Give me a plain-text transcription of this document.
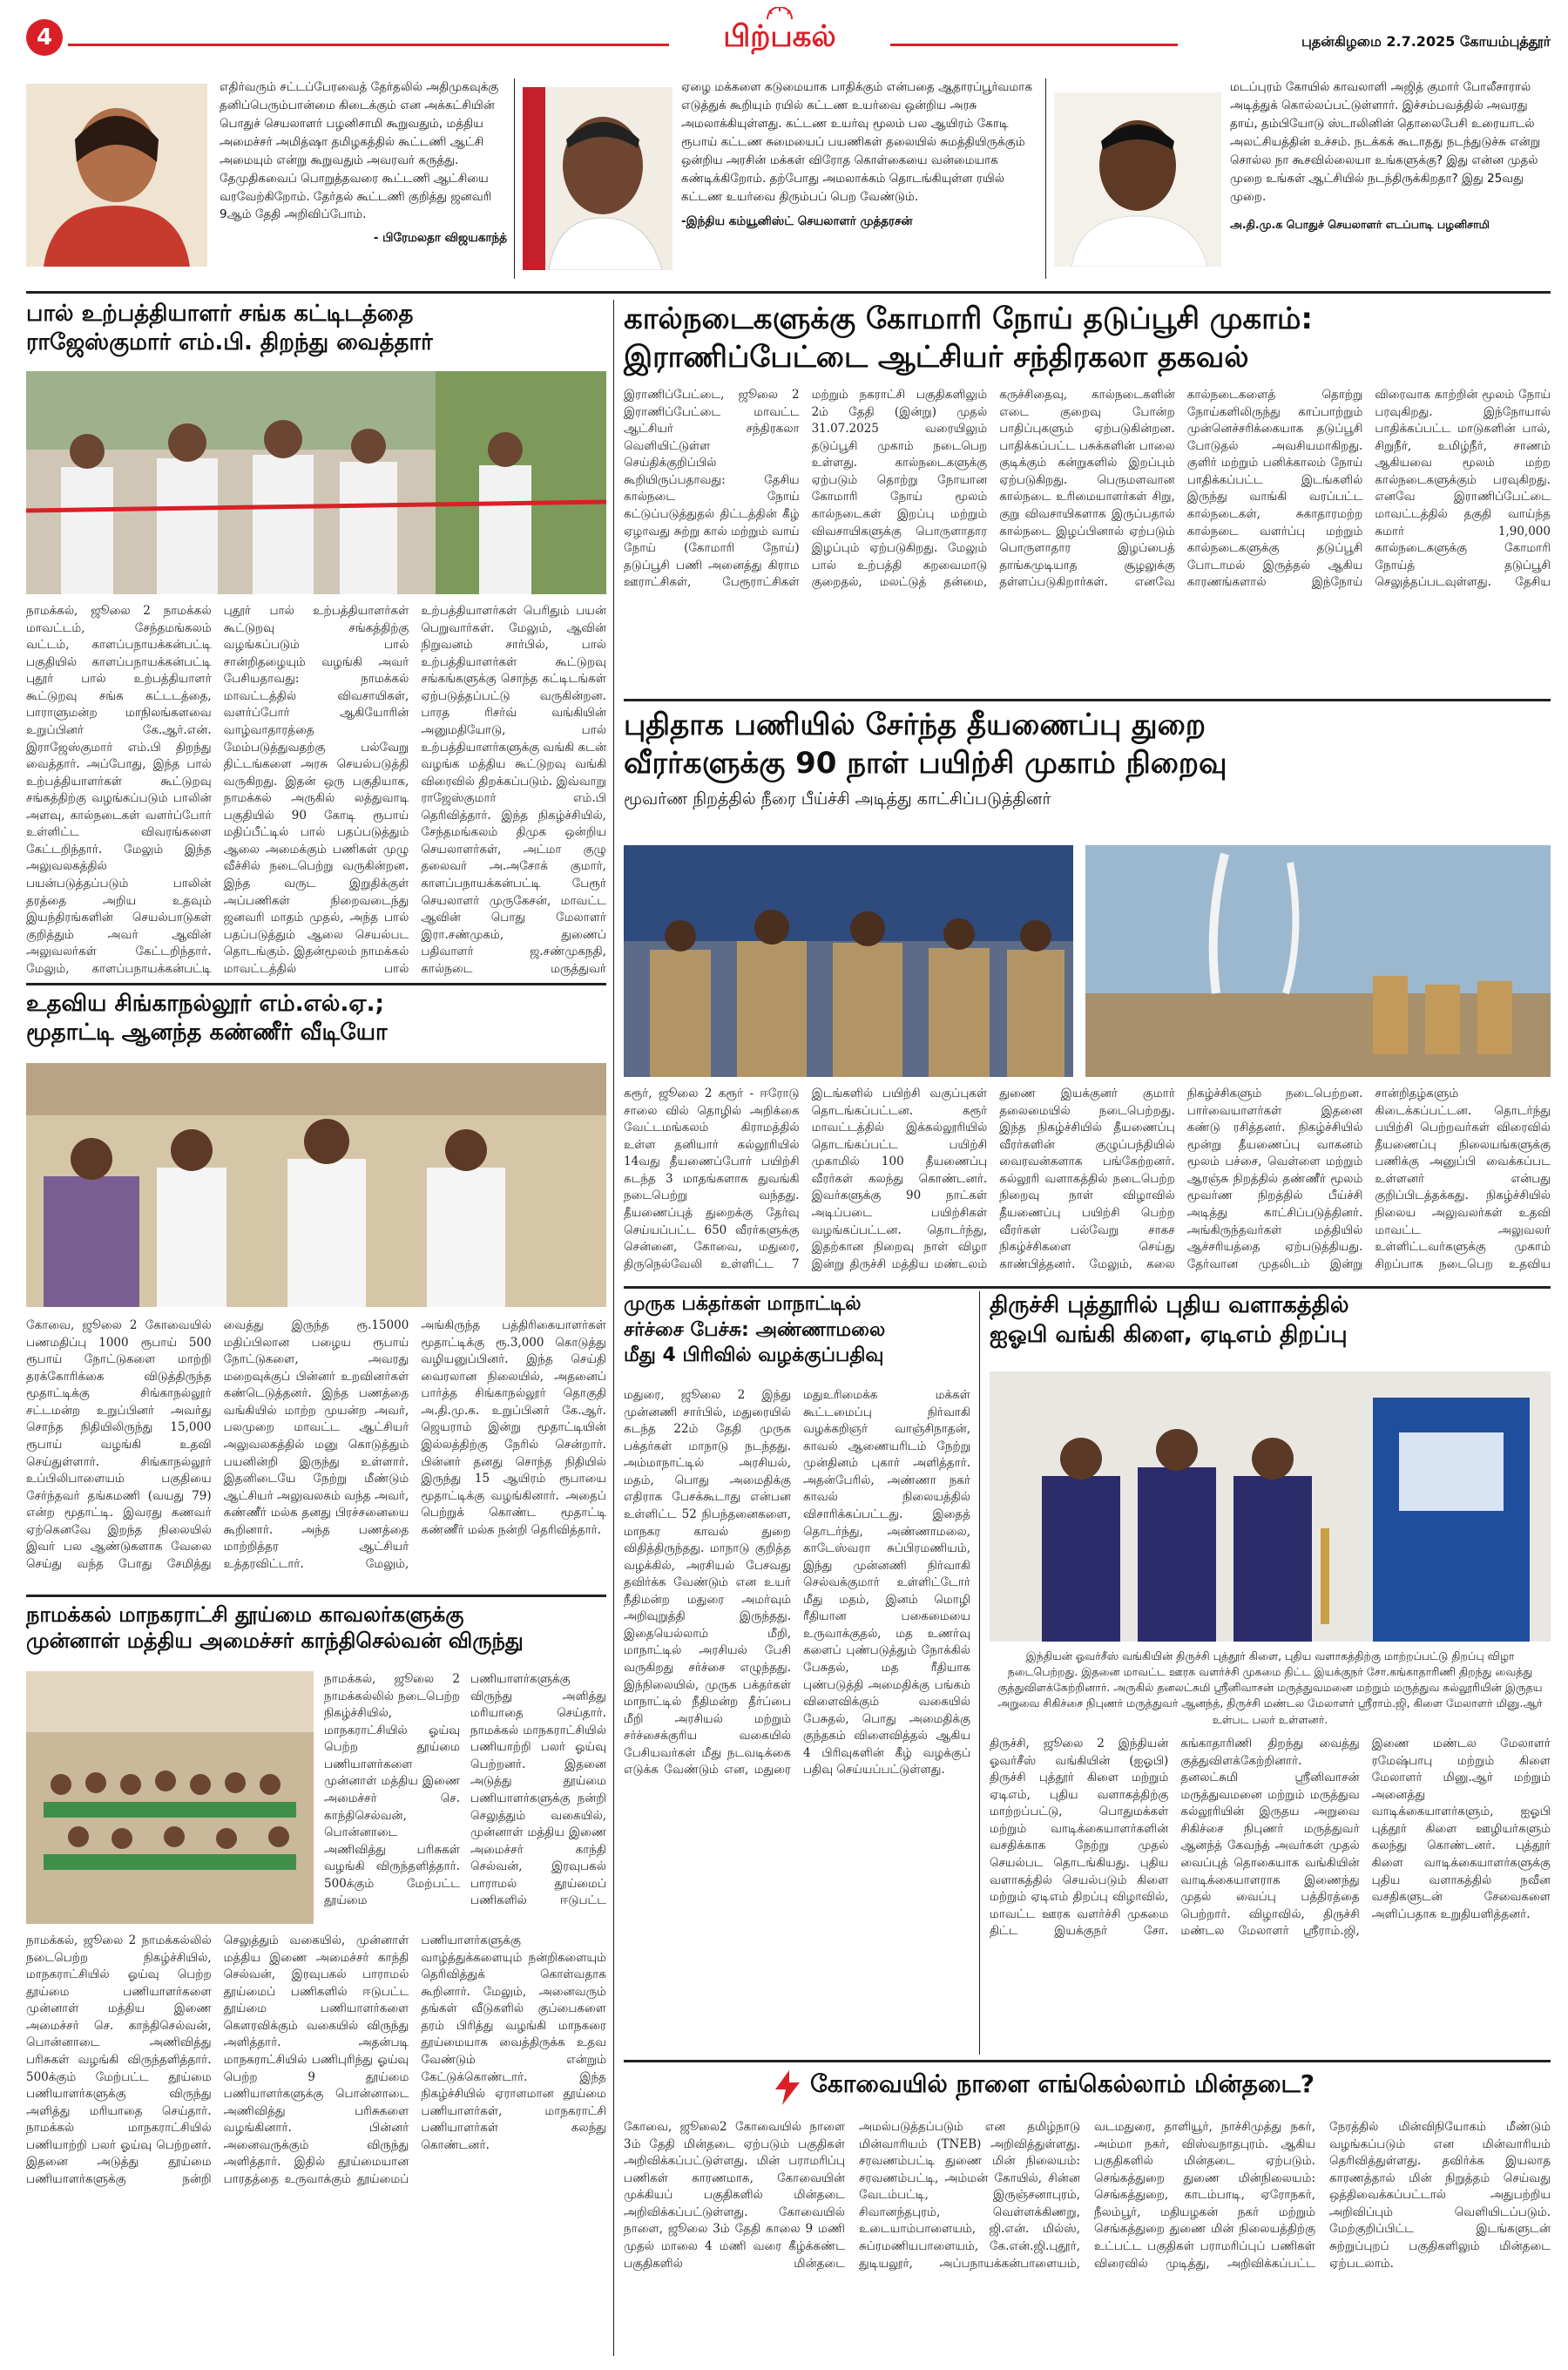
4	பிற்பகல்	புதன்கிழமை 2.7.2025 கோயம்புத்தூர்

எதிர்வரும் சட்டப்பேரவைத் தேர்தலில் அதிமுகவுக்கு தனிப்பெரும்பான்மை கிடைக்கும் என அக்கட்சியின் பொதுச் செயலாளர் பழனிசாமி கூறுவதும், மத்திய அமைச்சர் அமித்ஷா தமிழகத்தில் கூட்டணி ஆட்சி அமையும் என்று கூறுவதும் அவரவர் கருத்து. தேமுதிகவைப் பொறுத்தவரை கூட்டணி ஆட்சியை வரவேற்கிறோம். தேர்தல் கூட்டணி குறித்து ஜனவரி 9ஆம் தேதி அறிவிப்போம்.

- பிரேமலதா விஜயகாந்த்

ஏழை மக்களை கடுமையாக பாதிக்கும் என்பதை ஆதாரப்பூர்வமாக எடுத்துக் கூறியும் ரயில் கட்டண உயர்வை ஒன்றிய அரசு அமலாக்கியுள்ளது. கட்டண உயர்வு மூலம் பல ஆயிரம் கோடி ரூபாய் கட்டண சுமையைப் பயணிகள் தலையில் சுமத்தியிருக்கும் ஒன்றிய அரசின் மக்கள் விரோத கொள்கையை வன்மையாக கண்டிக்கிறோம். தற்போது அமலாக்கம் தொடங்கியுள்ள ரயில் கட்டண உயர்வை திரும்பப் பெற வேண்டும்.

-இந்திய கம்யூனிஸ்ட் செயலாளர் முத்தரசன்

மடப்புரம் கோயில் காவலாளி அஜித் குமார் போலீசாரால் அடித்துக் கொல்லப்பட்டுள்ளார். இச்சம்பவத்தில் அவரது தாய், தம்பியோடு ஸ்டாலினின் தொலைபேசி உரையாடல் அலட்சியத்தின் உச்சம். நடக்கக் கூடாதது நடந்துடுச்சு என்று சொல்ல நா கூசவில்லையா உங்களுக்கு? இது என்ன முதல் முறை உங்கள் ஆட்சியில் நடந்திருக்கிறதா? இது 25வது முறை.

அ.தி.மு.க பொதுச் செயலாளர் எடப்பாடி பழனிசாமி

பால் உற்பத்தியாளர் சங்க கட்டிடத்தை
ராஜேஸ்குமார் எம்.பி. திறந்து வைத்தார்

நாமக்கல், ஜூலை 2 நாமக்கல் மாவட்டம், சேந்தமங்கலம் வட்டம், காளப்பநாயக்கன்பட்டி பகுதியில் காளப்பநாயக்கன்பட்டி புதூர் பால் உற்பத்தியாளர் கூட்டுறவு சங்க கட்டடத்தை, பாராளுமன்ற மாநிலங்களவை உறுப்பினர் கே.ஆர்.என். இராஜேஸ்குமார் எம்.பி திறந்து வைத்தார். அப்போது, இந்த பால் உற்பத்தியாளர்கள் கூட்டுறவு சங்கத்திற்கு வழங்கப்படும் பாலின் அளவு, கால்நடைகள் வளர்ப்போர் உள்ளிட்ட விவரங்களை கேட்டறிந்தார். மேலும் இந்த அலுவலகத்தில் பயன்படுத்தப்படும் பாலின் தரத்தை அறிய உதவும் இயந்திரங்களின் செயல்பாடுகள் குறித்தும் அவர் ஆவின் அலுவலர்கள் கேட்டறிந்தார். மேலும், காளப்பநாயக்கன்பட்டி புதூர் பால் உற்பத்தியாளர்கள் கூட்டுறவு சங்கத்திற்கு வழங்கப்படும் பால் சான்றிதழையும் வழங்கி அவர் பேசியதாவது: நாமக்கல் மாவட்டத்தில் விவசாயிகள், வளர்ப்போர் ஆகியோரின் வாழ்வாதாரத்தை மேம்படுத்துவதற்கு பல்வேறு திட்டங்களை அரசு செயல்படுத்தி வருகிறது. இதன் ஒரு பகுதியாக, நாமக்கல் அருகில் லத்துவாடி பகுதியில் 90 கோடி ரூபாய் மதிப்பீட்டில் பால் பதப்படுத்தும் ஆலை அமைக்கும் பணிகள் முழு வீச்சில் நடைபெற்று வருகின்றன. இந்த வருட இறுதிக்குள் அப்பணிகள் நிறைவடைந்து ஜனவரி மாதம் முதல், அந்த பால் பதப்படுத்தும் ஆலை செயல்பட தொடங்கும். இதன்மூலம் நாமக்கல் மாவட்டத்தில் பால் உற்பத்தியாளர்கள் பெரிதும் பயன் பெறுவார்கள். மேலும், ஆவின் நிறுவனம் சார்பில், பால் உற்பத்தியாளர்கள் கூட்டுறவு சங்கங்களுக்கு சொந்த கட்டிடங்கள் ஏற்படுத்தப்பட்டு வருகின்றன. பாரத ரிசர்வ் வங்கியின் அனுமதியோடு, பால் உற்பத்தியாளர்களுக்கு வங்கி கடன் வழங்க மத்திய கூட்டுறவு வங்கி விரைவில் திறக்கப்படும். இவ்வாறு ராஜேஸ்குமார் எம்.பி தெரிவித்தார். இந்த நிகழ்ச்சியில், சேந்தமங்கலம் திமுக ஒன்றிய செயலாளர்கள், அட்மா குழு தலைவர் அ.அசோக் குமார், காளப்பநாயக்கன்பட்டி பேரூர் செயலாளர் முருகேசன், மாவட்ட ஆவின் பொது மேலாளர் இரா.சண்முகம், துணைப் பதிவாளர் ஜ.சண்முகநதி, கால்நடை மருத்துவர்

உதவிய சிங்காநல்லூர் எம்.எல்.ஏ.;
மூதாட்டி ஆனந்த கண்ணீர் வீடியோ

கோவை, ஜூலை 2 கோவையில் பணமதிப்பு 1000 ரூபாய் 500 ரூபாய் நோட்டுகளை மாற்றி தரக்கோரிக்கை விடுத்திருந்த மூதாட்டிக்கு சிங்காநல்லூர் சட்டமன்ற உறுப்பினர் அவர்து சொந்த நிதியிலிருந்து 15,000 ரூபாய் வழங்கி உதவி செய்துள்ளார். சிங்காநல்லூர் உப்பிலிபாளையம் பகுதியை சேர்ந்தவர் தங்கமணி (வயது 79) என்ற மூதாட்டி. இவரது கணவர் ஏற்கெனவே இறந்த நிலையில் இவர் பல ஆண்டுகளாக வேலை செய்து வந்த போது சேமித்து வைத்து இருந்த ரூ.15000 மதிப்பிலான பழைய ரூபாய் நோட்டுகளை, அவரது மறைவுக்குப் பின்னர் உறவினர்கள் கண்டெடுத்தனர். இந்த பணத்தை வங்கியில் மாற்ற முயன்ற அவர், பலமுறை மாவட்ட ஆட்சியர் அலுவலகத்தில் மனு கொடுத்தும் பயனின்றி இருந்து உள்ளார். இதனிடையே நேற்று மீண்டும் ஆட்சியர் அலுவலகம் வந்த அவர், கண்ணீர் மல்க தனது பிரச்சனையை கூறினார். அந்த பணத்தை மாற்றித்தர ஆட்சியர் உத்தரவிட்டார். மேலும், அங்கிருந்த பத்திரிகையாளர்கள் மூதாட்டிக்கு ரூ.3,000 கொடுத்து வழியனுப்பினர். இந்த செய்தி வைரலான நிலையில், அதனைப் பார்த்த சிங்காநல்லூர் தொகுதி அ.தி.மு.க. உறுப்பினர் கே.ஆர். ஜெயராம் இன்று மூதாட்டியின் இல்லத்திற்கு நேரில் சென்றார். பின்னர் தனது சொந்த நிதியில் இருந்து 15 ஆயிரம் ரூபாயை மூதாட்டிக்கு வழங்கினார். அதைப் பெற்றுக் கொண்ட மூதாட்டி கண்ணீர் மல்க நன்றி தெரிவித்தார்.

நாமக்கல் மாநகராட்சி தூய்மை காவலர்களுக்கு
முன்னாள் மத்திய அமைச்சர் காந்திசெல்வன் விருந்து

நாமக்கல், ஜூலை 2 நாமக்கல்லில் நடைபெற்ற நிகழ்ச்சியில், மாநகராட்சியில் ஓய்வு பெற்ற தூய்மை பணியாளர்களை முன்னாள் மத்திய இணை அமைச்சர் செ. காந்திசெல்வன், பொன்னாடை அணிவித்து பரிசுகள் வழங்கி விருந்தளித்தார். 500க்கும் மேற்பட்ட தூய்மை பணியாளர்களுக்கு விருந்து அளித்து மரியாதை செய்தார். நாமக்கல் மாநகராட்சியில் பணியாற்றி பலர் ஓய்வு பெற்றனர். இதனை அடுத்து தூய்மை பணியாளர்களுக்கு நன்றி செலுத்தும் வகையில், முன்னாள் மத்திய இணை அமைச்சர் காந்தி செல்வன், இரவுபகல் பாராமல் தூய்மைப் பணிகளில் ஈடுபட்ட

நாமக்கல், ஜூலை 2 நாமக்கல்லில் நடைபெற்ற நிகழ்ச்சியில், மாநகராட்சியில் ஓய்வு பெற்ற தூய்மை பணியாளர்களை முன்னாள் மத்திய இணை அமைச்சர் செ. காந்திசெல்வன், பொன்னாடை அணிவித்து பரிசுகள் வழங்கி விருந்தளித்தார். 500க்கும் மேற்பட்ட தூய்மை பணியாளர்களுக்கு விருந்து அளித்து மரியாதை செய்தார். நாமக்கல் மாநகராட்சியில் பணியாற்றி பலர் ஓய்வு பெற்றனர். இதனை அடுத்து தூய்மை பணியாளர்களுக்கு நன்றி செலுத்தும் வகையில், முன்னாள் மத்திய இணை அமைச்சர் காந்தி செல்வன், இரவுபகல் பாராமல் தூய்மைப் பணிகளில் ஈடுபட்ட தூய்மை பணியாளர்களை கெளரவிக்கும் வகையில் விருந்து அளித்தார். அதன்படி மாநகராட்சியில் பணிபுரிந்து ஓய்வு பெற்ற 9 தூய்மை பணியாளர்களுக்கு பொன்னாடை அணிவித்து பரிசுகளை வழங்கினார். பின்னர் அனைவருக்கும் விருந்து அளித்தார். இதில் தூய்மையான பாரதத்தை உருவாக்கும் தூய்மைப் பணியாளர்களுக்கு வாழ்த்துக்களையும் நன்றிகளையும் தெரிவித்துக் கொள்வதாக கூறினார். மேலும், அனைவரும் தங்கள் வீடுகளில் குப்பைகளை தரம் பிரித்து வழங்கி மாநகரை தூய்மையாக வைத்திருக்க உதவ வேண்டும் என்றும் கேட்டுக்கொண்டார். இந்த நிகழ்ச்சியில் ஏராளமான தூய்மை பணியாளர்கள், மாநகராட்சி பணியாளர்கள் கலந்து கொண்டனர்.

கால்நடைகளுக்கு கோமாரி நோய் தடுப்பூசி முகாம்:
இராணிப்பேட்டை ஆட்சியர் சந்திரகலா தகவல்

இராணிப்பேட்டை, ஜூலை 2 இராணிப்பேட்டை மாவட்ட ஆட்சியர் சந்திரகலா வெளியிட்டுள்ள செய்திக்குறிப்பில் கூறியிருப்பதாவது: தேசிய கால்நடை நோய் கட்டுப்படுத்துதல் திட்டத்தின் கீழ் ஏழாவது சுற்று கால் மற்றும் வாய் நோய் (கோமாரி நோய்) தடுப்பூசி பணி அனைத்து கிராம ஊராட்சிகள், பேரூராட்சிகள் மற்றும் நகராட்சி பகுதிகளிலும் 2ம் தேதி (இன்று) முதல் 31.07.2025 வரையிலும் தடுப்பூசி முகாம் நடைபெற உள்ளது. கால்நடைகளுக்கு ஏற்படும் தொற்று நோயான கோமாரி நோய் மூலம் கால்நடைகள் இறப்பு மற்றும் விவசாயிகளுக்கு பொருளாதார இழப்பும் ஏற்படுகிறது. மேலும் பால் உற்பத்தி கறவைமாடு குறைதல், மலட்டுத் தன்மை, கருச்சிதைவு, கால்நடைகளின் எடை குறைவு போன்ற பாதிப்புகளும் ஏற்படுகின்றன. பாதிக்கப்பட்ட பசுக்களின் பாலை குடிக்கும் கன்றுகளில் இறப்பும் ஏற்படுகிறது. பெருமளவான கால்நடை உரிமையாளர்கள் சிறு, குறு விவசாயிகளாக இருப்பதால் கால்நடை இழப்பினால் ஏற்படும் பொருளாதார இழப்பைத் தாங்கமுடியாத சூழலுக்கு தள்ளப்படுகிறார்கள். எனவே கால்நடைகளைத் தொற்று நோய்களிலிருந்து காப்பாற்றும் முன்னெச்சரிக்கையாக தடுப்பூசி போடுதல் அவசியமாகிறது. குளிர் மற்றும் பனிக்காலம் நோய் பாதிக்கப்பட்ட இடங்களில் இருந்து வாங்கி வரப்பட்ட கால்நடைகள், சுகாதாரமற்ற கால்நடை வளர்ப்பு மற்றும் கால்நடைகளுக்கு தடுப்பூசி போடாமல் இருத்தல் ஆகிய காரணங்களால் இந்நோய் விரைவாக காற்றின் மூலம் நோய் பரவுகிறது. இந்நோயால் பாதிக்கப்பட்ட மாடுகளின் பால், சிறுநீர், உமிழ்நீர், சாணம் ஆகியவை மூலம் மற்ற கால்நடைகளுக்கும் பரவுகிறது. எனவே இராணிப்பேட்டை மாவட்டத்தில் தகுதி வாய்ந்த சுமார் 1,90,000 கால்நடைகளுக்கு கோமாரி நோய்த் தடுப்பூசி செலுத்தப்படவுள்ளது. தேசிய

புதிதாக பணியில் சேர்ந்த தீயணைப்பு துறை
வீரர்களுக்கு 90 நாள் பயிற்சி முகாம் நிறைவு

மூவர்ண நிறத்தில் நீரை பீய்ச்சி அடித்து காட்சிப்படுத்தினர்

கரூர், ஜூலை 2 கரூர் - ஈரோடு சாலை வில் தொழில் அறிக்கை வேட்டமங்கலம் கிராமத்தில் உள்ள தனியார் கல்லூரியில் 14வது தீயணைப்போர் பயிற்சி கடந்த 3 மாதங்களாக துவங்கி நடைபெற்று வந்தது. தீயணைப்புத் துறைக்கு தேர்வு செய்யப்பட்ட 650 வீரர்களுக்கு சென்னை, கோவை, மதுரை, திருநெல்வேலி உள்ளிட்ட 7 இடங்களில் பயிற்சி வகுப்புகள் தொடங்கப்பட்டன. கரூர் மாவட்டத்தில் இக்கல்லூரியில் தொடங்கப்பட்ட பயிற்சி முகாமில் 100 தீயணைப்பு வீரர்கள் கலந்து கொண்டனர். இவர்களுக்கு 90 நாட்கள் அடிப்படை பயிற்சிகள் வழங்கப்பட்டன. தொடர்ந்து, இதற்கான நிறைவு நாள் விழா இன்று திருச்சி மத்திய மண்டலம் துணை இயக்குனர் குமார் தலைமையில் நடைபெற்றது. இந்த நிகழ்ச்சியில் தீயணைப்பு வீரர்களின் குழுப்பந்தியில் வைரவன்களாக பங்கேற்றனர். கல்லூரி வளாகத்தில் நடைபெற்ற நிறைவு நாள் விழாவில் தீயணைப்பு பயிற்சி பெற்ற வீரர்கள் பல்வேறு சாகச நிகழ்ச்சிகளை செய்து காண்பித்தனர். மேலும், கலை நிகழ்ச்சிகளும் நடைபெற்றன. பார்வையாளர்கள் இதனை கண்டு ரசித்தனர். நிகழ்ச்சியில் மூன்று தீயணைப்பு வாகனம் மூலம் பச்சை, வெள்ளை மற்றும் ஆரஞ்சு நிறத்தில் தண்ணீர் மூலம் மூவர்ண நிறத்தில் பீய்ச்சி அடித்து காட்சிப்படுத்தினர். அங்கிருந்தவர்கள் மத்தியில் ஆச்சரியத்தை ஏற்படுத்தியது. தேர்வான முதலிடம் இன்று சான்றிதழ்களும் கிடைக்கப்பட்டன. தொடர்ந்து பயிற்சி பெற்றவர்கள் விரைவில் தீயணைப்பு நிலையங்களுக்கு பணிக்கு அனுப்பி வைக்கப்பட உள்ளனர் என்பது குறிப்பிடத்தக்கது. நிகழ்ச்சியில் நிலைய அலுவலர்கள் உதவி மாவட்ட அலுவலர் உள்ளிட்டவர்களுக்கு முகாம் சிறப்பாக நடைபெற உதவிய

முருக பக்தர்கள் மாநாட்டில்
சர்ச்சை பேச்சு: அண்ணாமலை
மீது 4 பிரிவில் வழக்குப்பதிவு

மதுரை, ஜூலை 2 இந்து முன்னணி சார்பில், மதுரையில் கடந்த 22ம் தேதி முருக பக்தர்கள் மாநாடு நடந்தது. அம்மாநாட்டில் அரசியல், மதம், பொது அமைதிக்கு எதிராக பேசக்கூடாது என்பன உள்ளிட்ட 52 நிபந்தனைகளை, மாநகர காவல் துறை விதித்திருந்தது. மாநாடு குறித்த வழக்கில், அரசியல் பேசவது தவிர்க்க வேண்டும் என உயர் நீதிமன்ற மதுரை அமர்வும் அறிவுறுத்தி இருந்தது. இதையெல்லாம் மீறி, மாநாட்டில் அரசியல் பேசி வருகிறது சர்ச்சை எழுந்தது. இந்நிலையில், முருக பக்தர்கள் மாநாட்டில் நீதிமன்ற தீர்ப்பை மீறி அரசியல் மற்றும் சர்ச்சைக்குரிய வகையில் பேசியவர்கள் மீது நடவடிக்கை எடுக்க வேண்டும் என, மதுரை மதுஉரிமைக்க மக்கள் கூட்டமைப்பு நிர்வாகி வழக்கறிஞர் வாஞ்சிநாதன், காவல் ஆணையரிடம் நேற்று முன்தினம் புகார் அளித்தார். அதன்பேரில், அண்ணா நகர் காவல் நிலையத்தில் விசாரிக்கப்பட்டது. இதைத் தொடர்ந்து, அண்ணாமலை, காடேஸ்வரா சுப்பிரமணியம், இந்து முன்னணி நிர்வாகி செல்வக்குமார் உள்ளிட்டோர் மீது மதம், இனம் மொழி ரீதியான பகைமையை உருவாக்குதல், மத உணர்வு களைப் புண்படுத்தும் நோக்கில் பேசுதல், மத ரீதியாக புண்படுத்தி அமைதிக்கு பங்கம் விளைவிக்கும் வகையில் பேசுதல், பொது அமைதிக்கு குந்தகம் விளைவித்தல் ஆகிய 4 பிரிவுகளின் கீழ் வழக்குப் பதிவு செய்யப்பட்டுள்ளது.

திருச்சி புத்தூரில் புதிய வளாகத்தில்
ஐஓபி வங்கி கிளை, ஏடிஎம் திறப்பு

இந்தியன் ஓவர்சீஸ் வங்கியின் திருச்சி புத்தூர் கிளை, புதிய வளாகத்திற்கு மாற்றப்பட்டு திறப்பு விழா நடைபெற்றது. இதனை மாவட்ட ஊரக வளர்ச்சி முகமை திட்ட இயக்குநர் சோ.கங்காதாரிணி திறந்து வைத்து குத்துவிளக்கேற்றினார். அருகில் தனலட்சுமி ஸ்ரீனிவாசன் மருத்துவமனை மற்றும் மருத்துவ கல்லூரியின் இருதய அறுவை சிகிச்சை நிபுணர் மருத்துவர் ஆனந்த், திருச்சி மண்டல மேலாளர் ஸ்ரீராம்.ஜி, கிளை மேலாளர் மினு.ஆர் உள்பட பலர் உள்ளனர்.

திருச்சி, ஜூலை 2 இந்தியன் ஓவர்சீஸ் வங்கியின் (ஐஓபி) திருச்சி புத்தூர் கிளை மற்றும் ஏடிஎம், புதிய வளாகத்திற்கு மாற்றப்பட்டு, பொதுமக்கள் மற்றும் வாடிக்கையாளர்களின் வசதிக்காக நேற்று முதல் செயல்பட தொடங்கியது. புதிய வளாகத்தில் செயல்படும் கிளை மற்றும் ஏடிஎம் திறப்பு விழாவில், மாவட்ட ஊரக வளர்ச்சி முகமை திட்ட இயக்குநர் சோ. கங்காதாரிணி திறந்து வைத்து குத்துவிளக்கேற்றினார். தனலட்சுமி ஸ்ரீனிவாசன் மருத்துவமனை மற்றும் மருத்துவ கல்லூரியின் இருதய அறுவை சிகிச்சை நிபுணர் மருத்துவர் ஆனந்த் கேவந்த் அவர்கள் முதல் வைப்புத் தொகையாக வங்கியின் வாடிக்கையாளராக இணைந்து முதல் வைப்பு பத்திரத்தை பெற்றார். விழாவில், திருச்சி மண்டல மேலாளர் ஸ்ரீராம்.ஜி, இணை மண்டல மேலாளர் ரமேஷ்பாபு மற்றும் கிளை மேலாளர் மினு.ஆர் மற்றும் அனைத்து வாடிக்கையாளர்களும், ஐஓபி புத்தூர் கிளை ஊழியர்களும் கலந்து கொண்டனர். புத்தூர் கிளை வாடிக்கையாளர்களுக்கு புதிய வளாகத்தில் நவீன வசதிகளுடன் சேவைகளை அளிப்பதாக உறுதியளித்தனர்.

கோவையில் நாளை எங்கெல்லாம் மின்தடை?

கோவை, ஜூலை2 கோவையில் நாளை 3ம் தேதி மின்தடை ஏற்படும் பகுதிகள் அறிவிக்கப்பட்டுள்ளது. மின் பராமரிப்பு பணிகள் காரணமாக, கோவையின் முக்கியப் பகுதிகளில் மின்தடை அறிவிக்கப்பட்டுள்ளது. கோவையில் நாளை, ஜூலை 3ம் தேதி காலை 9 மணி முதல் மாலை 4 மணி வரை கீழ்க்கண்ட பகுதிகளில் மின்தடை அமல்படுத்தப்படும் என தமிழ்நாடு மின்வாரியம் (TNEB) அறிவித்துள்ளது. சரவணம்பட்டி துணை மின் நிலையம்: சரவணம்பட்டி, அம்மன் கோயில், சின்ன வேடம்பட்டி, இருஞ்சனாபுரம், சிவானந்தபுரம், வெள்ளக்கிணறு, உடையாம்பாளையம், ஜி.என். மில்ஸ், சுப்ரமணியபாளையம், கே.என்.ஜி.புதூர், துடியலூர், அப்பநாயக்கன்பாளையம், வடமதுரை, தாளியூர், நாச்சிமுத்து நகர், அம்மா நகர், விஸ்வநாதபுரம். ஆகிய பகுதிகளில் மின்தடை ஏற்படும். செங்கத்துறை துணை மின்நிலையம்: செங்கத்துறை, காடம்பாடி, ஏரோநகர், நீலம்பூர், மதியழகன் நகர் மற்றும் செங்கத்துறை துணை மின் நிலையத்திற்கு உட்பட்ட பகுதிகள் பராமரிப்புப் பணிகள் விரைவில் முடித்து, அறிவிக்கப்பட்ட நேரத்தில் மின்விநியோகம் மீண்டும் வழங்கப்படும் என மின்வாரியம் தெரிவித்துள்ளது. தவிர்க்க இயலாத காரணத்தால் மின் நிறுத்தம் செய்வது ஒத்திவைக்கப்பட்டால் அதுபற்றிய அறிவிப்பும் வெளியிடப்படும். மேற்குறிப்பிட்ட இடங்களுடன் சுற்றுப்புறப் பகுதிகளிலும் மின்தடை ஏற்படலாம்.
